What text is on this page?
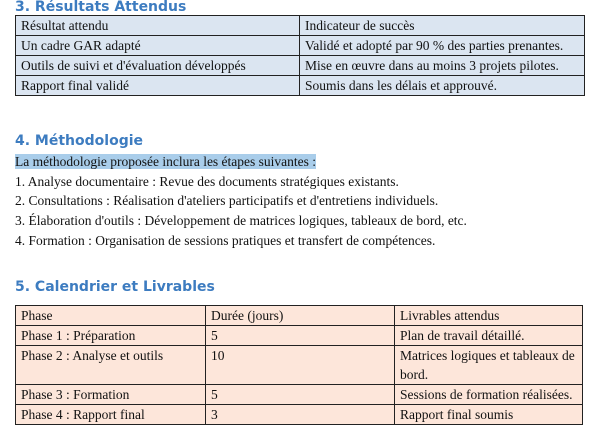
3. Résultats Attendus
Résultat attendu	Indicateur de succès
Un cadre GAR adapté	Validé et adopté par 90 % des parties prenantes.
Outils de suivi et d'évaluation développés	Mise en œuvre dans au moins 3 projets pilotes.
Rapport final validé	Soumis dans les délais et approuvé.
4. Méthodologie
La méthodologie proposée inclura les étapes suivantes :
1. Analyse documentaire : Revue des documents stratégiques existants.
2. Consultations : Réalisation d'ateliers participatifs et d'entretiens individuels.
3. Élaboration d'outils : Développement de matrices logiques, tableaux de bord, etc.
4. Formation : Organisation de sessions pratiques et transfert de compétences.
5. Calendrier et Livrables
Phase	Durée (jours)	Livrables attendus
Phase 1 : Préparation	5	Plan de travail détaillé.
Phase 2 : Analyse et outils	10	Matrices logiques et tableaux de bord.
Phase 3 : Formation	5	Sessions de formation réalisées.
Phase 4 : Rapport final	3	Rapport final soumis
